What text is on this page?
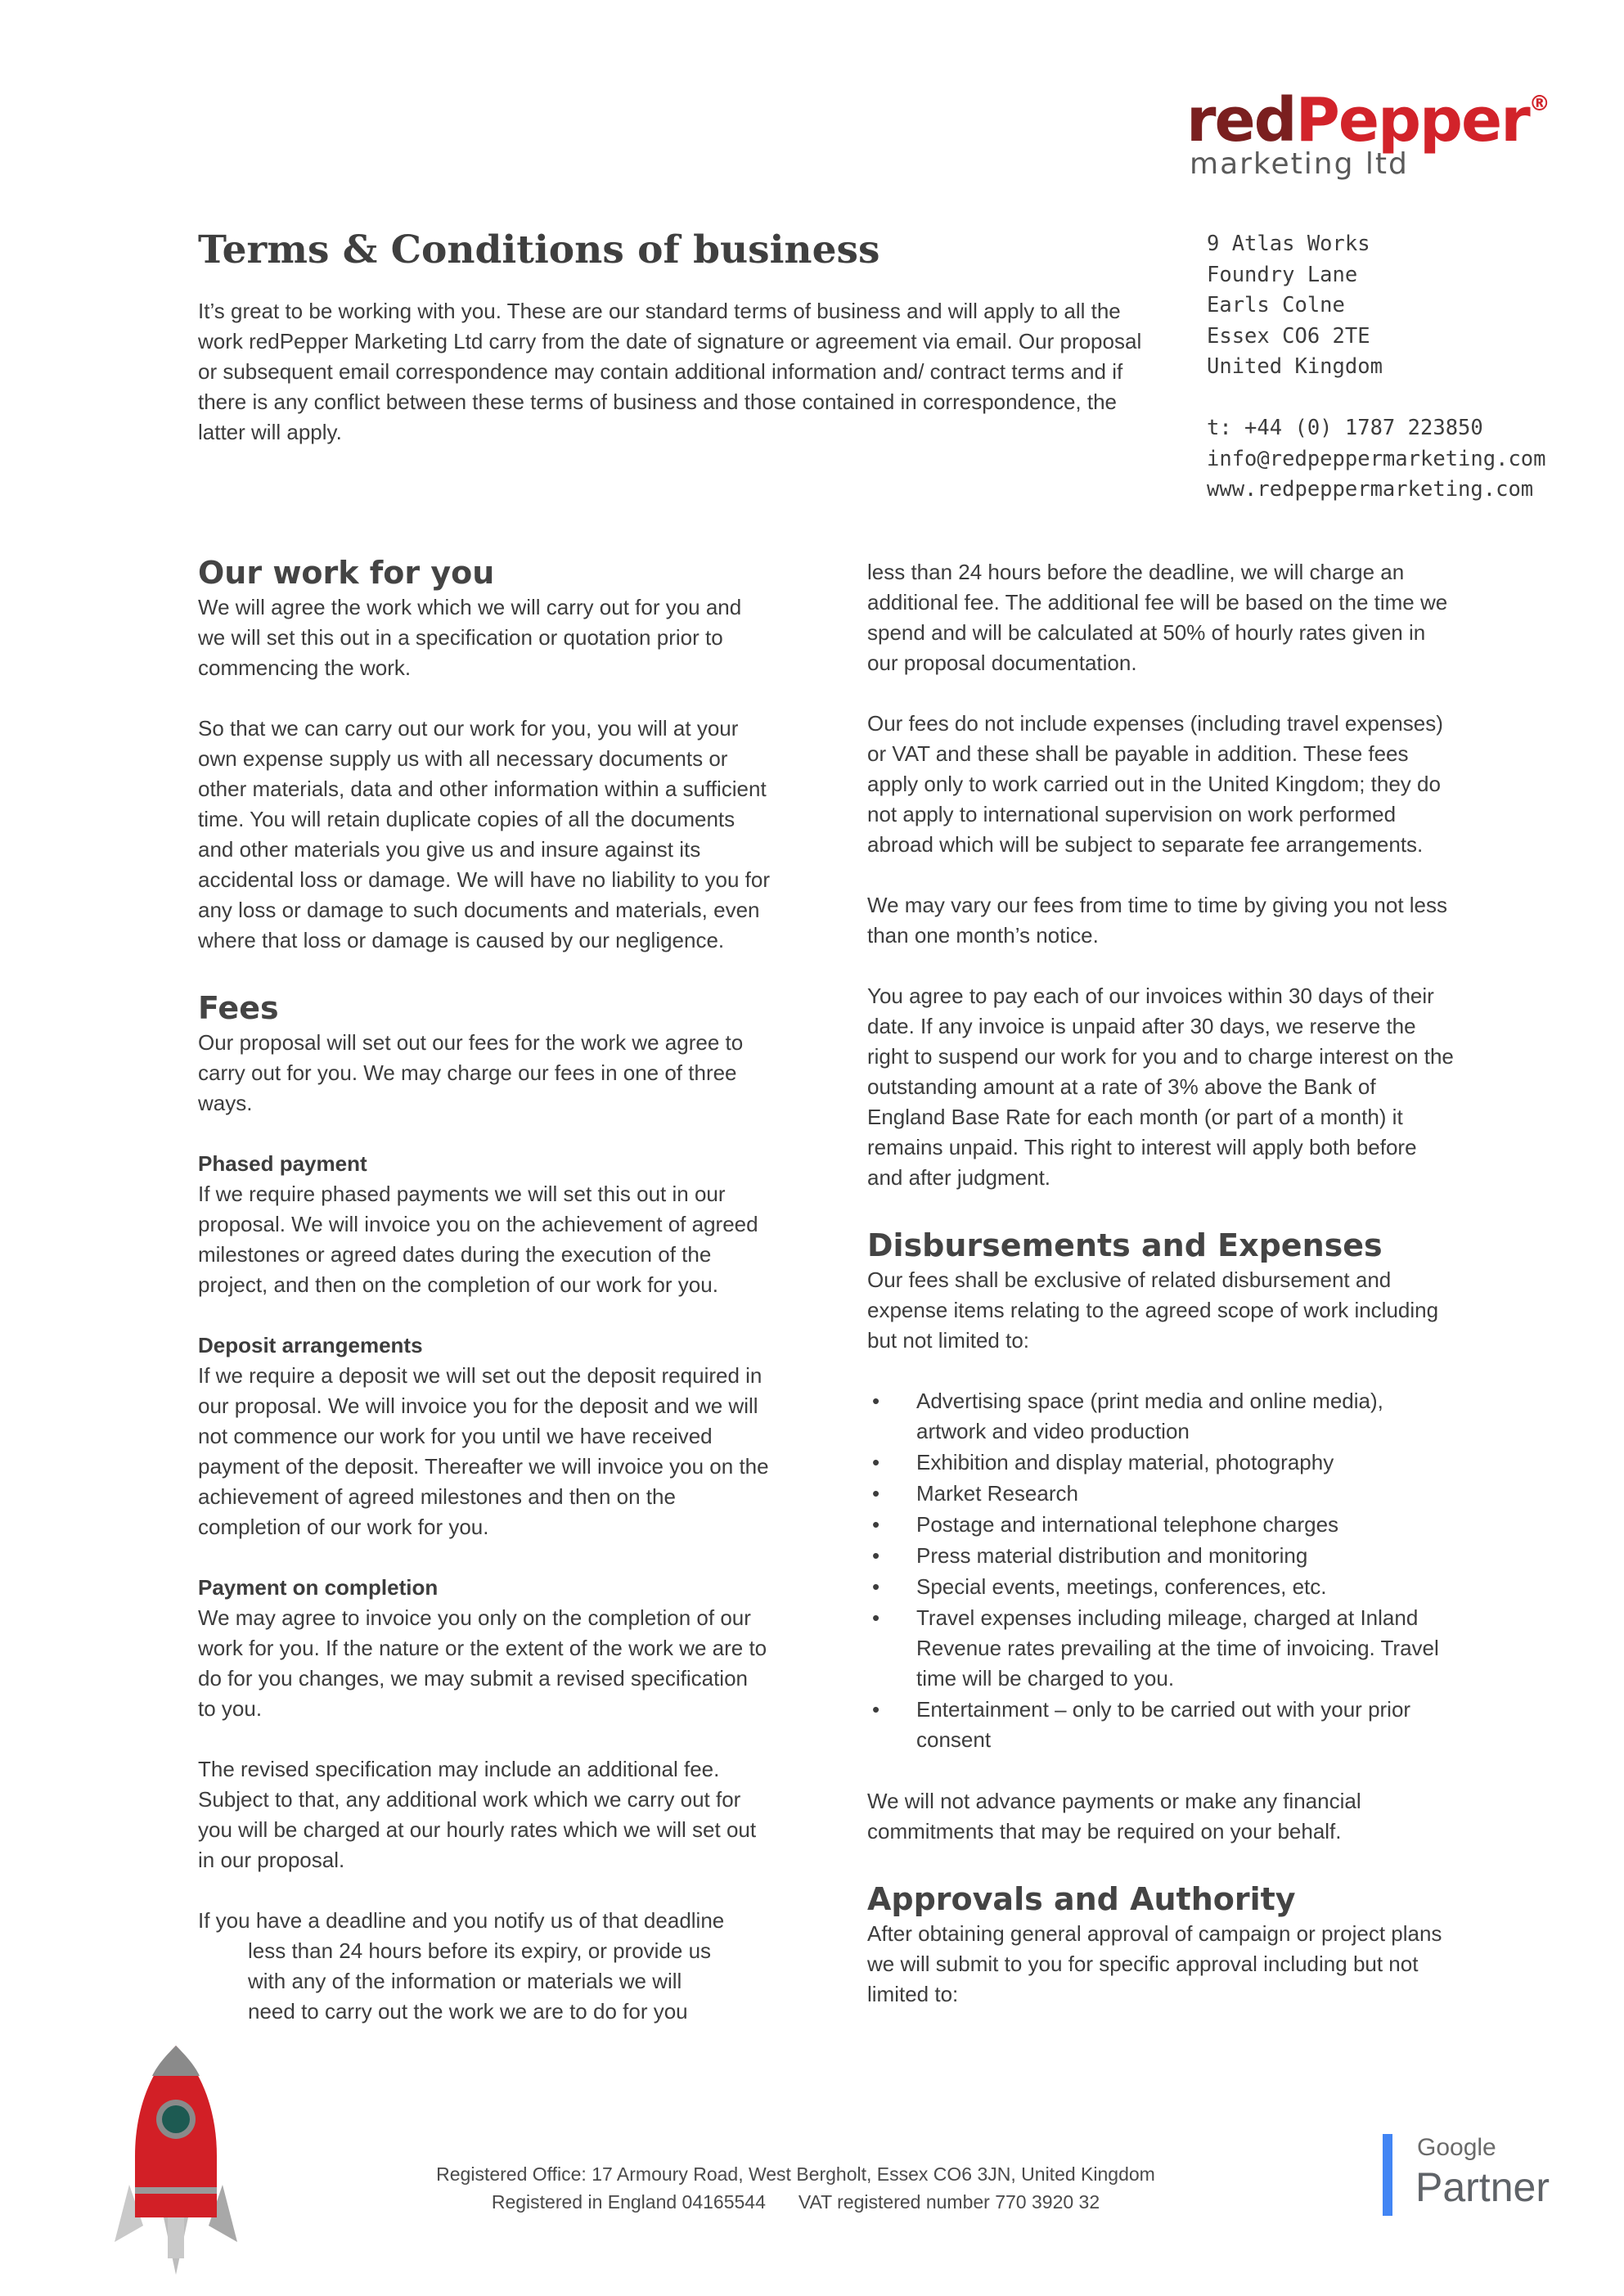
redPepper®
marketing ltd
Terms & Conditions of business
It’s great to be working with you. These are our standard terms of business and will apply to all the work redPepper Marketing Ltd carry from the date of signature or agreement via email. Our proposal or subsequent email correspondence may contain additional information and/ contract terms and if there is any conflict between these terms of business and those contained in correspondence, the latter will apply.
9 Atlas Works
Foundry Lane
Earls Colne
Essex CO6 2TE
United Kingdom
t: +44 (0) 1787 223850
info@redpeppermarketing.com
www.redpeppermarketing.com
Our work for you

We will agree the work which we will carry out for you and we will set this out in a specification or quotation prior to commencing the work.

So that we can carry out our work for you, you will at your own expense supply us with all necessary documents or other materials, data and other information within a sufficient time. You will retain duplicate copies of all the documents and other materials you give us and insure against its accidental loss or damage. We will have no liability to you for any loss or damage to such documents and materials, even where that loss or damage is caused by our negligence.

Fees

Our proposal will set out our fees for the work we agree to carry out for you. We may charge our fees in one of three ways.

Phased payment

If we require phased payments we will set this out in our proposal. We will invoice you on the achievement of agreed milestones or agreed dates during the execution of the project, and then on the completion of our work for you.

Deposit arrangements

If we require a deposit we will set out the deposit required in our proposal. We will invoice you for the deposit and we will not commence our work for you until we have received payment of the deposit. Thereafter we will invoice you on the achievement of agreed milestones and then on the completion of our work for you.

Payment on completion

We may agree to invoice you only on the completion of our work for you. If the nature or the extent of the work we are to do for you changes, we may submit a revised specification to you.

The revised specification may include an additional fee. Subject to that, any additional work which we carry out for you will be charged at our hourly rates which we will set out in our proposal.

If you have a deadline and you notify us of that deadline

less than 24 hours before its expiry, or provide us with any of the information or materials we will need to carry out the work we are to do for you

less than 24 hours before the deadline, we will charge an additional fee. The additional fee will be based on the time we spend and will be calculated at 50% of hourly rates given in our proposal documentation.

Our fees do not include expenses (including travel expenses) or VAT and these shall be payable in addition. These fees apply only to work carried out in the United Kingdom; they do not apply to international supervision on work performed abroad which will be subject to separate fee arrangements.

We may vary our fees from time to time by giving you not less than one month’s notice.

You agree to pay each of our invoices within 30 days of their date. If any invoice is unpaid after 30 days, we reserve the right to suspend our work for you and to charge interest on the outstanding amount at a rate of 3% above the Bank of England Base Rate for each month (or part of a month) it remains unpaid. This right to interest will apply both before and after judgment.

Disbursements and Expenses

Our fees shall be exclusive of related disbursement and expense items relating to the agreed scope of work including but not limited to:

• Advertising space (print media and online media), artwork and video production
• Exhibition and display material, photography
• Market Research
• Postage and international telephone charges
• Press material distribution and monitoring
• Special events, meetings, conferences, etc.
• Travel expenses including mileage, charged at Inland Revenue rates prevailing at the time of invoicing. Travel time will be charged to you.
• Entertainment – only to be carried out with your prior consent

We will not advance payments or make any financial commitments that may be required on your behalf.

Approvals and Authority

After obtaining general approval of campaign or project plans we will submit to you for specific approval including but not limited to:

Registered Office: 17 Armoury Road, West Bergholt, Essex CO6 3JN, United Kingdom
Registered in England 04165544 VAT registered number 770 3920 32
Google
Partner
